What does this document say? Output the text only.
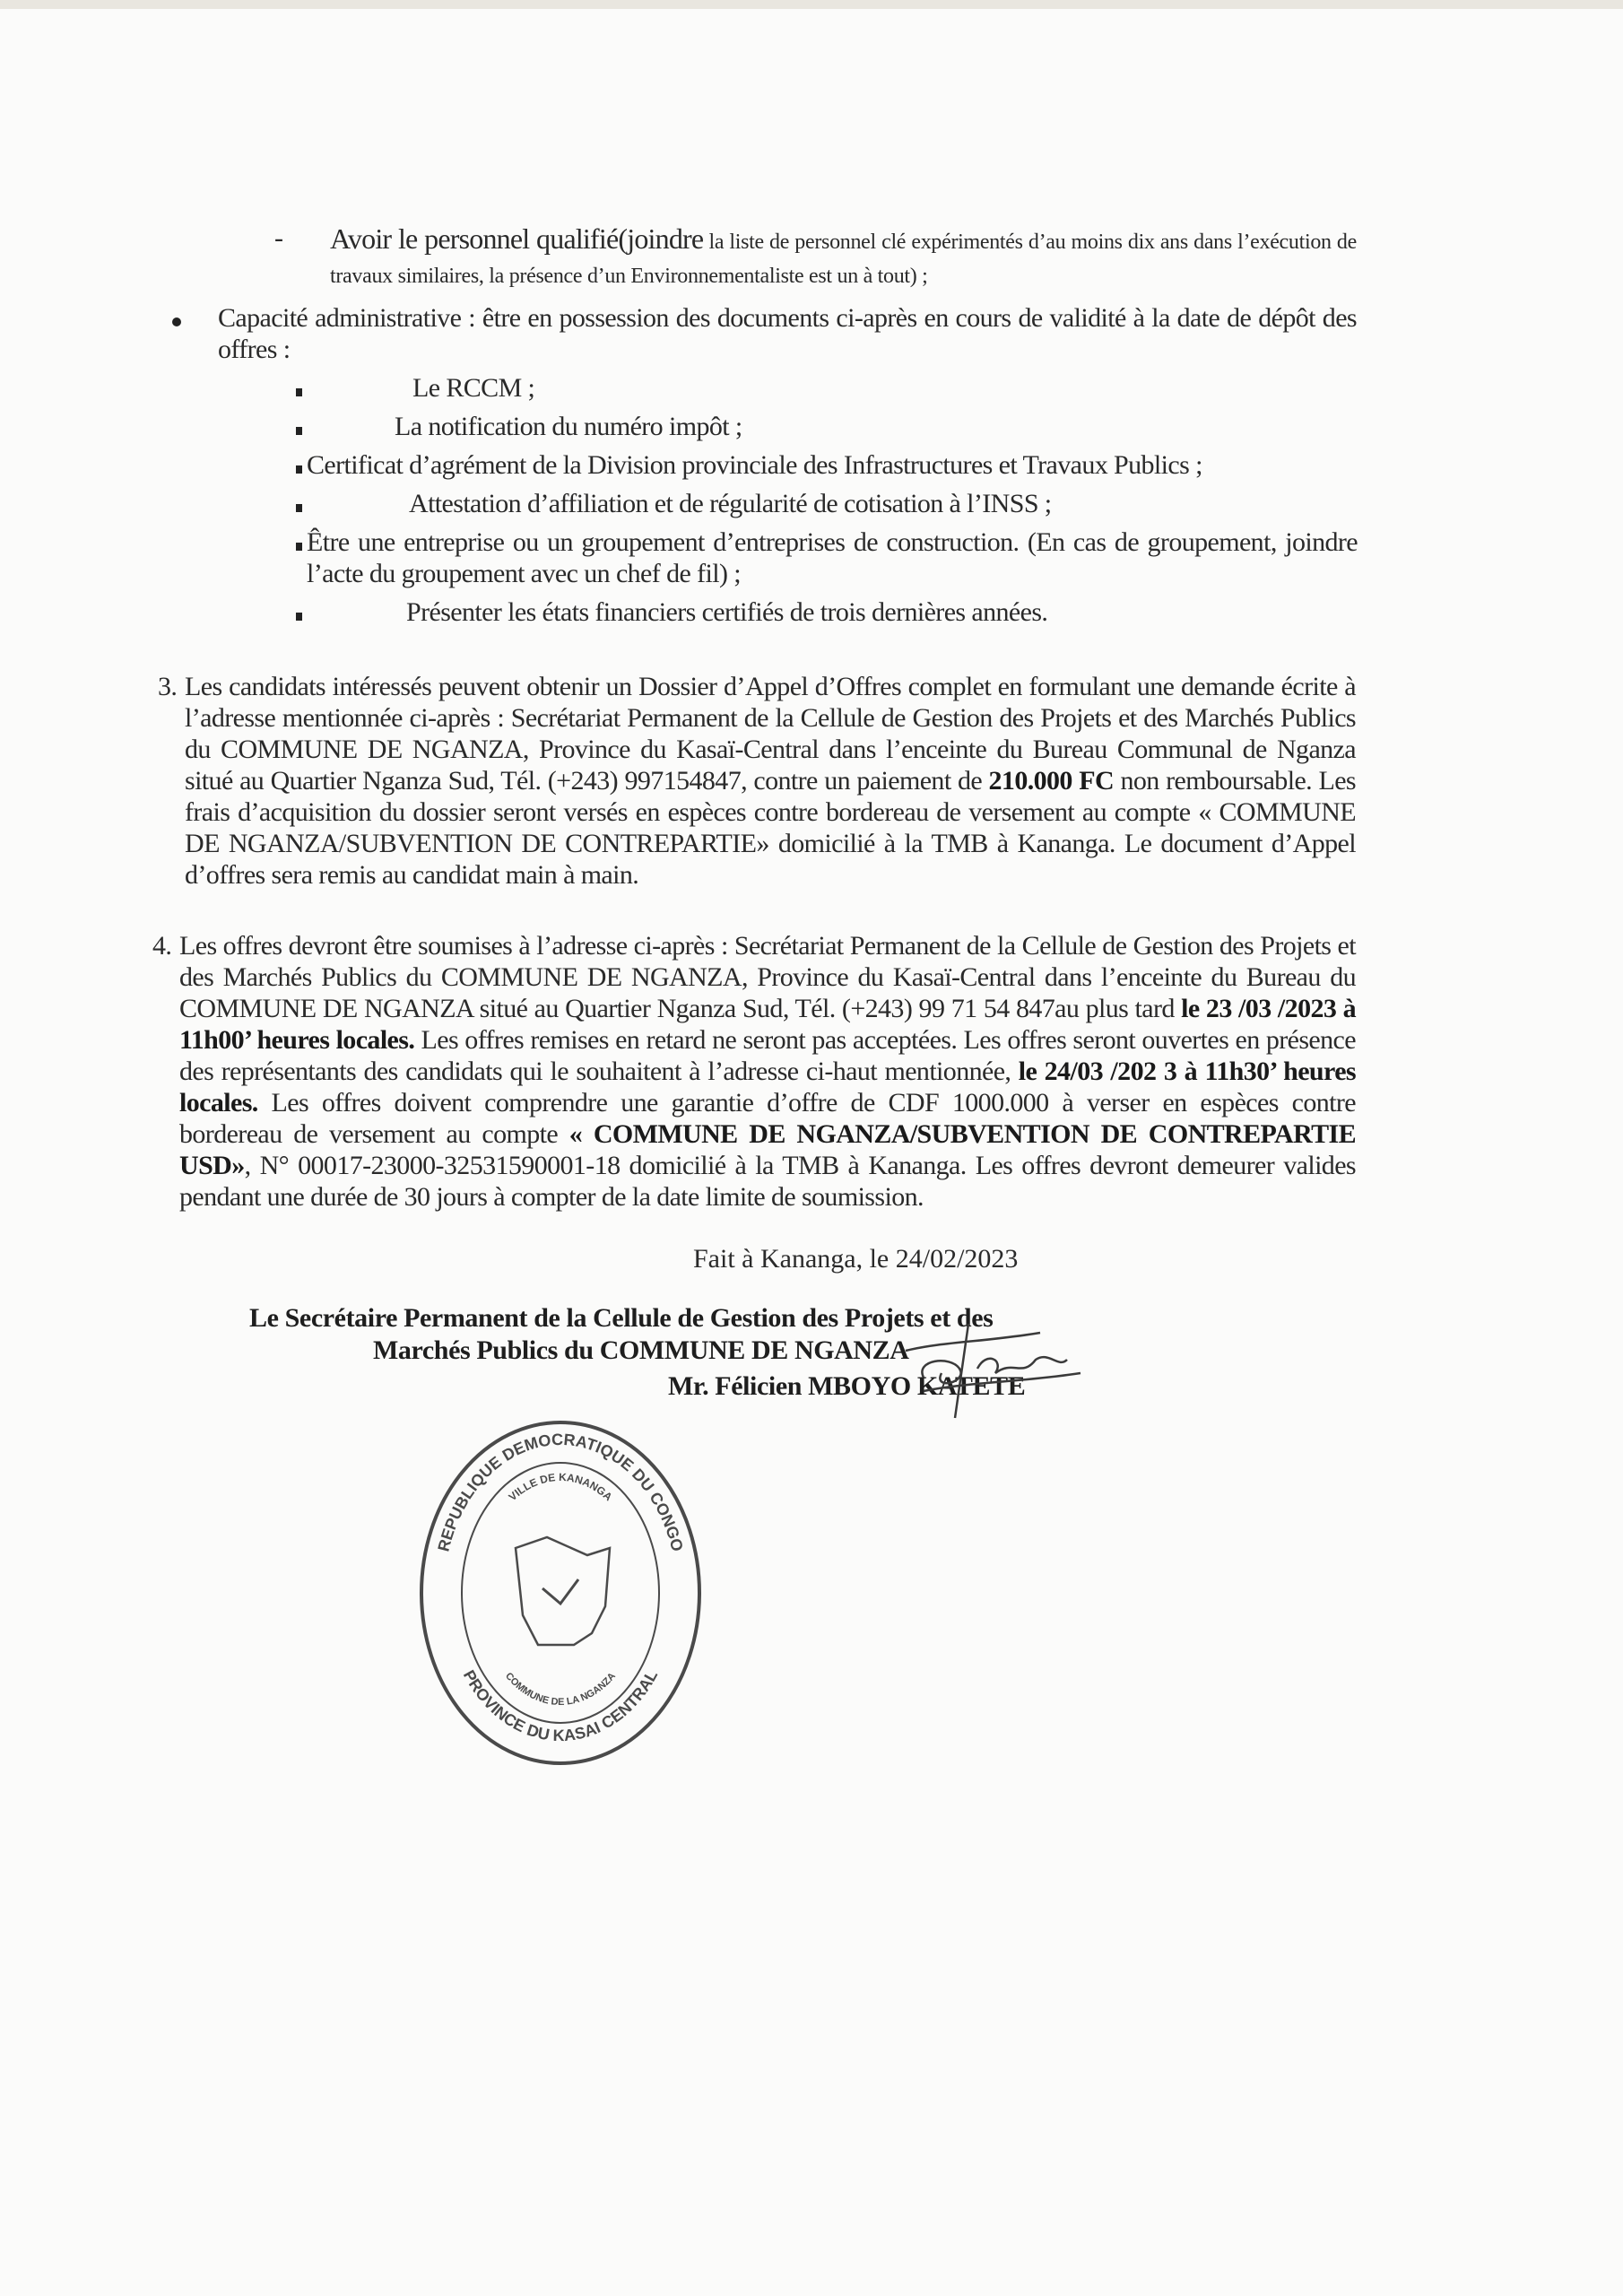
-	Avoir le personnel qualifié(joindre la liste de personnel clé expérimentés d’au moins dix ans dans l’exécution de travaux similaires, la présence d’un Environnementaliste est un à tout) ;
Capacité administrative : être en possession des documents ci-après en cours de validité à la date de dépôt des offres :
Le RCCM ;
La notification du numéro impôt ;
Certificat d’agrément de la Division provinciale des Infrastructures et Travaux Publics ;
Attestation d’affiliation et de régularité de cotisation à l’INSS ;
Être une entreprise ou un groupement d’entreprises de construction. (En cas de groupement, joindre l’acte du groupement avec un chef de fil) ;
Présenter les états financiers certifiés de trois dernières années.
3. Les candidats intéressés peuvent obtenir un Dossier d’Appel d’Offres complet en formulant une demande écrite à l’adresse mentionnée ci-après : Secrétariat Permanent de la Cellule de Gestion des Projets et des Marchés Publics du COMMUNE DE NGANZA, Province du Kasaï-Central dans l’enceinte du Bureau Communal de Nganza situé au Quartier Nganza Sud, Tél. (+243) 997154847, contre un paiement de 210.000 FC non remboursable. Les frais d’acquisition du dossier seront versés en espèces contre bordereau de versement au compte « COMMUNE DE NGANZA/SUBVENTION DE CONTREPARTIE» domicilié à la TMB à Kananga. Le document d’Appel d’offres sera remis au candidat main à main.
4. Les offres devront être soumises à l’adresse ci-après : Secrétariat Permanent de la Cellule de Gestion des Projets et des Marchés Publics du COMMUNE DE NGANZA, Province du Kasaï-Central dans l’enceinte du Bureau du COMMUNE DE NGANZA situé au Quartier Nganza Sud, Tél. (+243) 99 71 54 847au plus tard le 23 /03 /2023 à 11h00’ heures locales. Les offres remises en retard ne seront pas acceptées. Les offres seront ouvertes en présence des représentants des candidats qui le souhaitent à l’adresse ci-haut mentionnée, le 24/03 /202 3 à 11h30’ heures locales. Les offres doivent comprendre une garantie d’offre de CDF 1000.000 à verser en espèces contre bordereau de versement au compte « COMMUNE DE NGANZA/SUBVENTION DE CONTREPARTIE USD», N° 00017-23000-32531590001-18 domicilié à la TMB à Kananga. Les offres devront demeurer valides pendant une durée de 30 jours à compter de la date limite de soumission.
Fait à Kananga, le 24/02/2023
Le Secrétaire Permanent de la Cellule de Gestion des Projets et des
Marchés Publics du COMMUNE DE NGANZA
Mr. Félicien MBOYO KATETE
REPUBLIQUE DEMOCRATIQUE DU CONGO
PROVINCE DU KASAI CENTRAL
VILLE DE KANANGA
COMMUNE DE LA NGANZA
